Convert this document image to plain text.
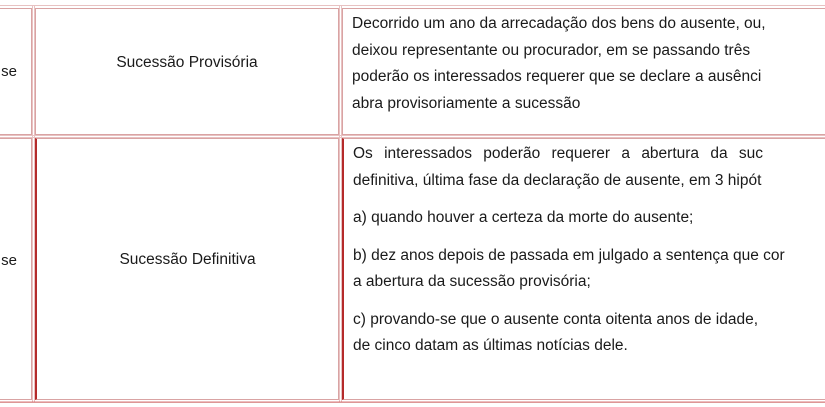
se
Sucessão Provisória
Decorrido um ano da arrecadação dos bens do ausente, ou,
deixou representante ou procurador, em se passando três
poderão os interessados requerer que se declare a ausênci
abra provisoriamente a sucessão
se	Sucessão Definitiva
Os interessados poderão requerer a abertura da suc
definitiva, última fase da declaração de ausente, em 3 hipót
a) quando houver a certeza da morte do ausente;
b) dez anos depois de passada em julgado a sentença que cor
a abertura da sucessão provisória;
c) provando-se que o ausente conta oitenta anos de idade,
de cinco datam as últimas notícias dele.
